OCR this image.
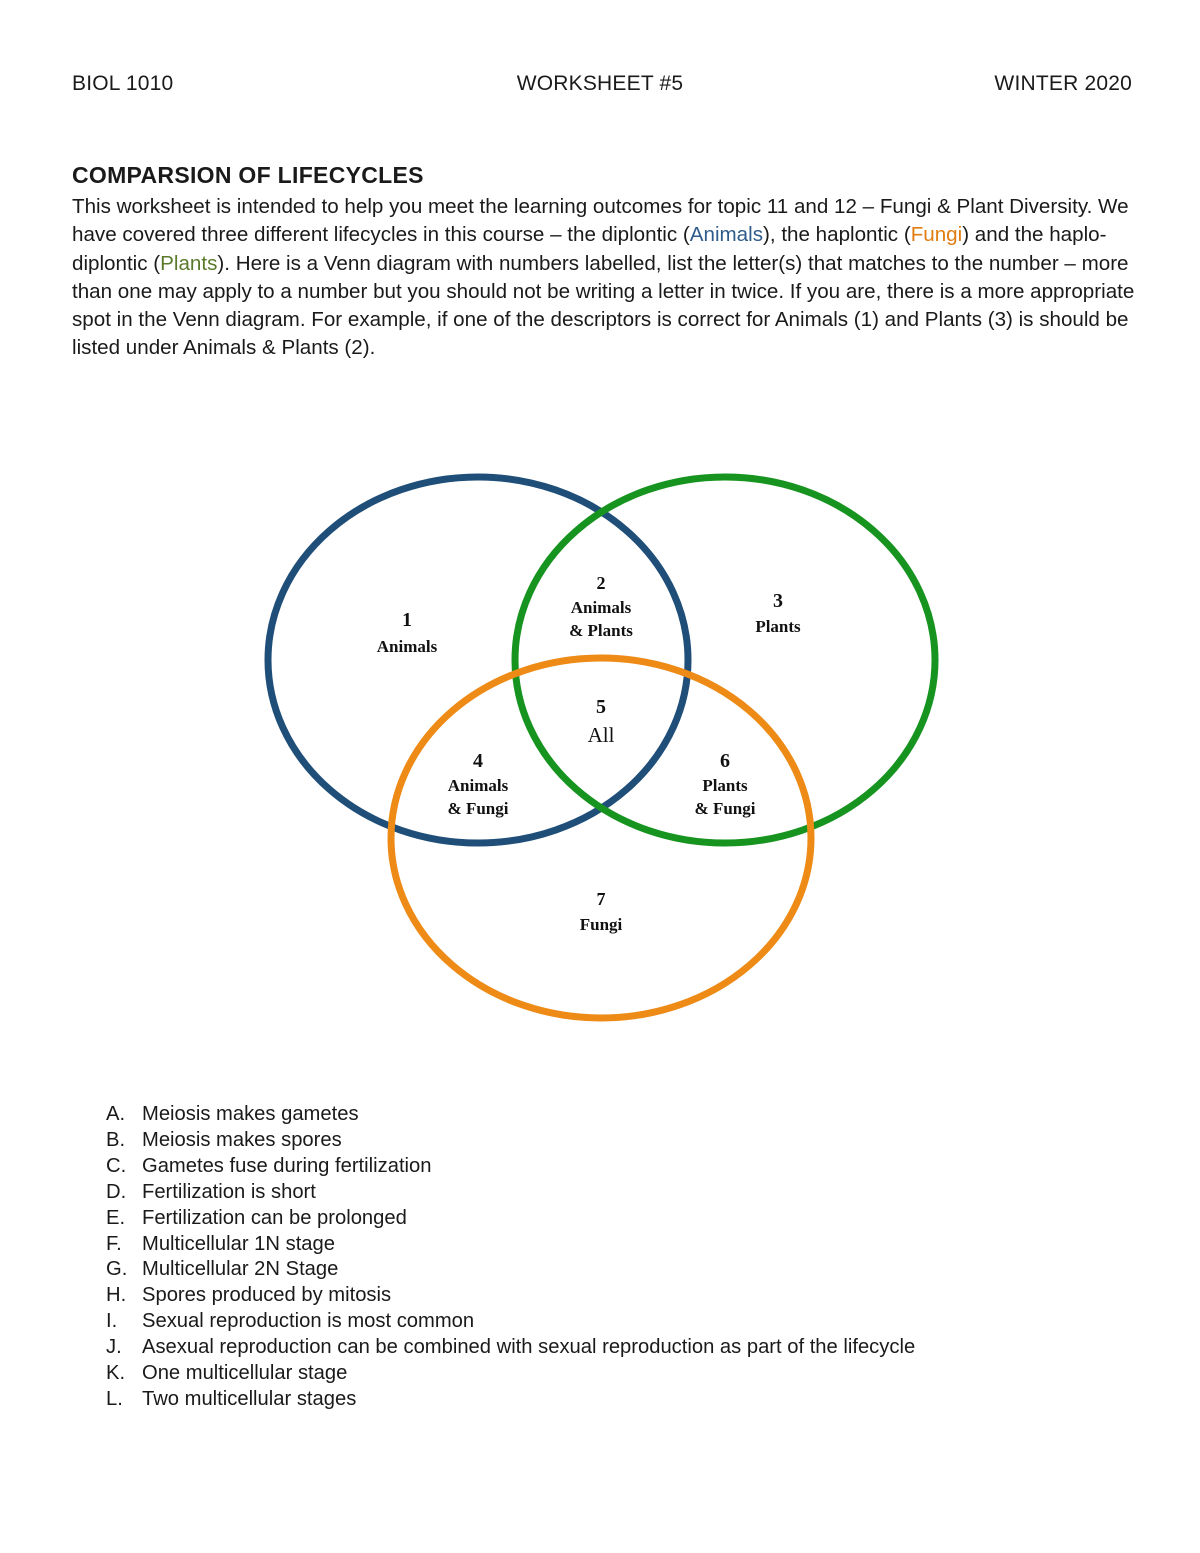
BIOL 1010	WORKSHEET #5	WINTER 2020
COMPARSION OF LIFECYCLES
This worksheet is intended to help you meet the learning outcomes for topic 11 and 12 – Fungi & Plant Diversity. We have covered three different lifecycles in this course – the diplontic (Animals), the haplontic (Fungi) and the haplo-diplontic (Plants). Here is a Venn diagram with numbers labelled, list the letter(s) that matches to the number – more than one may apply to a number but you should not be writing a letter in twice. If you are, there is a more appropriate spot in the Venn diagram. For example, if one of the descriptors is correct for Animals (1) and Plants (3) is should be listed under Animals & Plants (2).
1
Animals
2
Animals
& Plants
3
Plants
5
All
4
Animals
& Fungi
6
Plants
& Fungi
7
Fungi
A. Meiosis makes gametes
B. Meiosis makes spores
C. Gametes fuse during fertilization
D. Fertilization is short
E. Fertilization can be prolonged
F.	Multicellular 1N stage
G. Multicellular 2N Stage
H. Spores produced by mitosis
I.	Sexual reproduction is most common
J.	Asexual reproduction can be combined with sexual reproduction as part of the lifecycle
K. One multicellular stage
L. Two multicellular stages
